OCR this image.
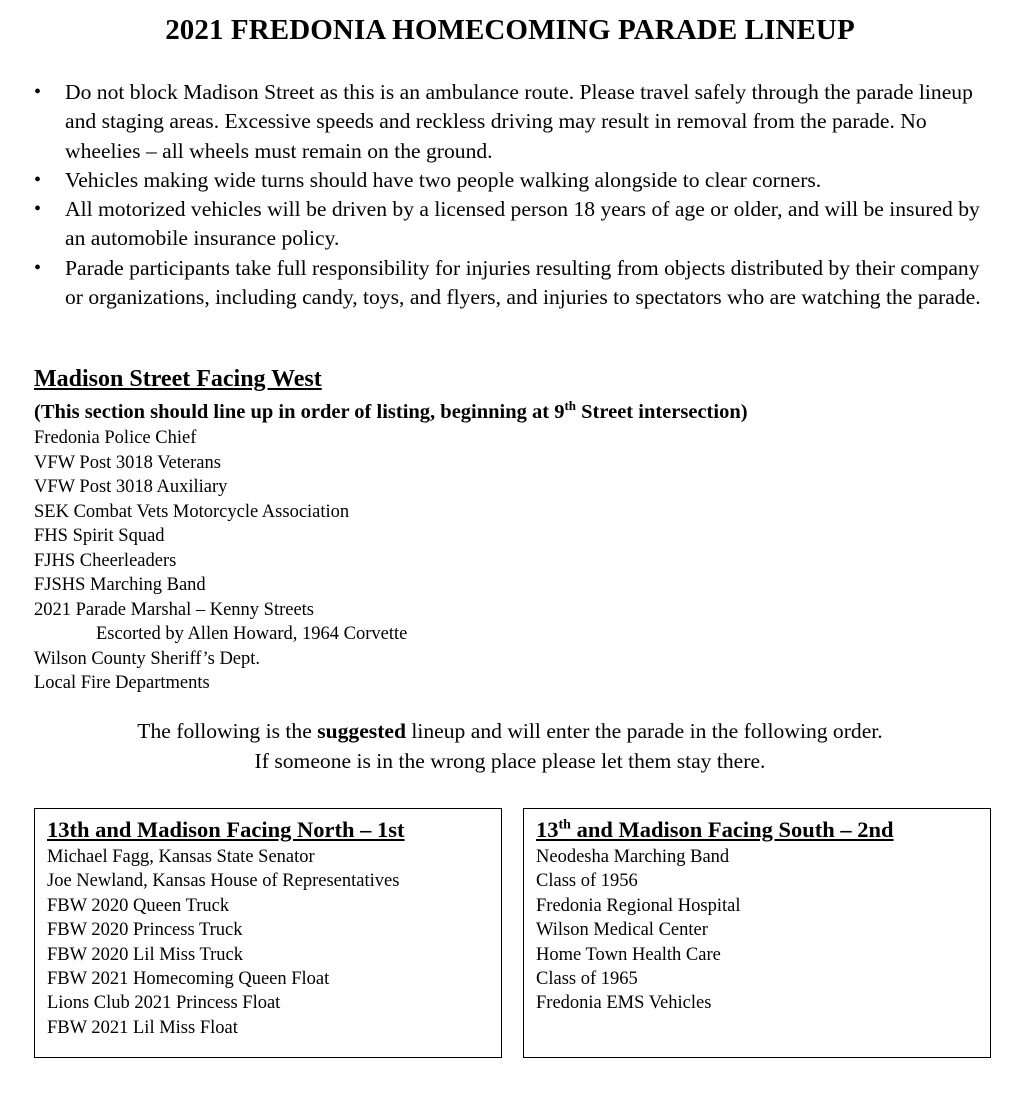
2021 FREDONIA HOMECOMING PARADE LINEUP
• Do not block Madison Street as this is an ambulance route. Please travel safely through the parade lineup and staging areas. Excessive speeds and reckless driving may result in removal from the parade. No wheelies – all wheels must remain on the ground.
• Vehicles making wide turns should have two people walking alongside to clear corners.
• All motorized vehicles will be driven by a licensed person 18 years of age or older, and will be insured by an automobile insurance policy.
• Parade participants take full responsibility for injuries resulting from objects distributed by their company or organizations, including candy, toys, and flyers, and injuries to spectators who are watching the parade.
Madison Street Facing West
(This section should line up in order of listing, beginning at 9th Street intersection)
Fredonia Police Chief
VFW Post 3018 Veterans
VFW Post 3018 Auxiliary
SEK Combat Vets Motorcycle Association
FHS Spirit Squad
FJHS Cheerleaders
FJSHS Marching Band
2021 Parade Marshal – Kenny Streets
Escorted by Allen Howard, 1964 Corvette
Wilson County Sheriff’s Dept.
Local Fire Departments
The following is the suggested lineup and will enter the parade in the following order.
If someone is in the wrong place please let them stay there.
13th and Madison Facing North – 1st
Michael Fagg, Kansas State Senator
Joe Newland, Kansas House of Representatives
FBW 2020 Queen Truck
FBW 2020 Princess Truck
FBW 2020 Lil Miss Truck
FBW 2021 Homecoming Queen Float
Lions Club 2021 Princess Float
FBW 2021 Lil Miss Float
13th and Madison Facing South – 2nd
Neodesha Marching Band
Class of 1956
Fredonia Regional Hospital
Wilson Medical Center
Home Town Health Care
Class of 1965
Fredonia EMS Vehicles
